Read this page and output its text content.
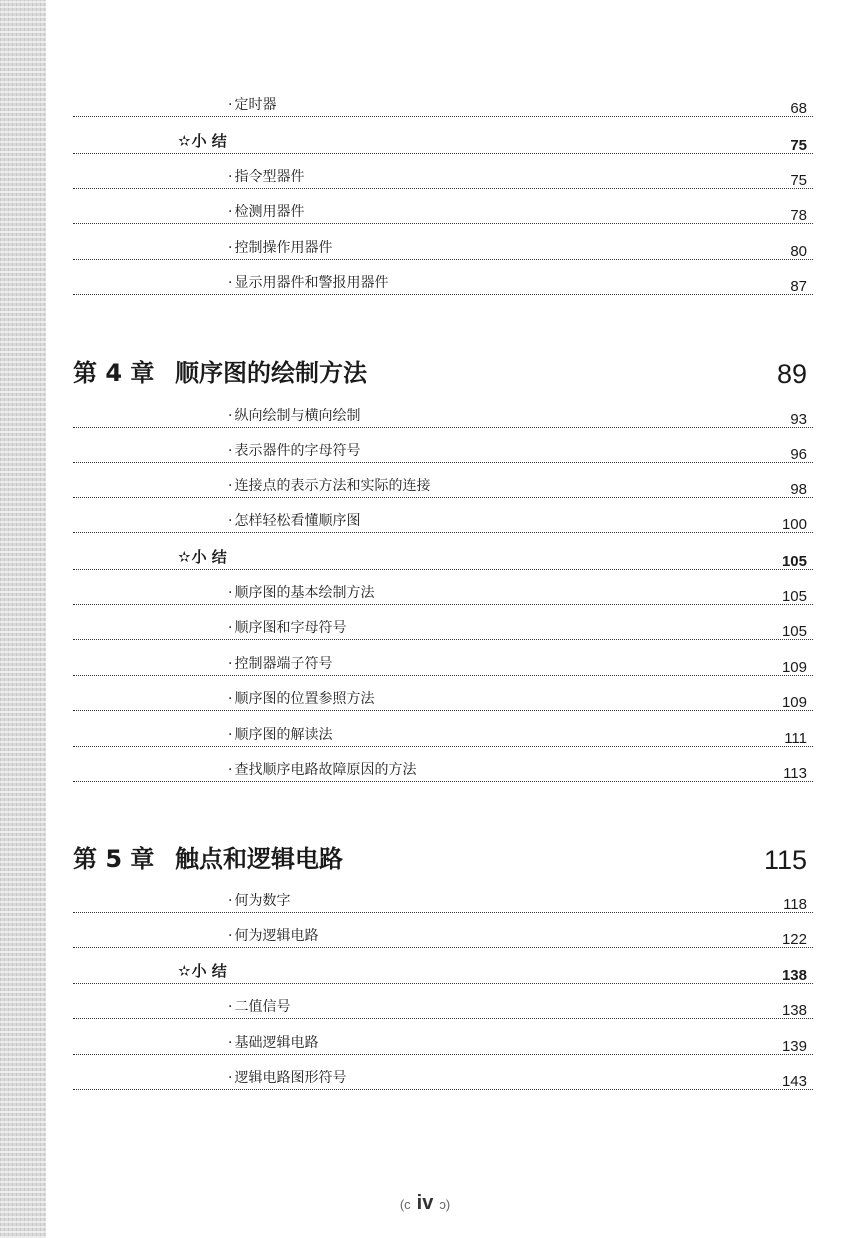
· 定时器	68
✫小 结	75
· 指令型器件	75
· 检测用器件	78
· 控制操作用器件	80
· 显示用器件和警报用器件	87
第 4 章 顺序图的绘制方法	89
· 纵向绘制与横向绘制	93
· 表示器件的字母符号	96
· 连接点的表示方法和实际的连接	98
· 怎样轻松看懂顺序图	100
✫小 结	105
· 顺序图的基本绘制方法	105
· 顺序图和字母符号	105
· 控制器端子符号	109
· 顺序图的位置参照方法	109
· 顺序图的解读法	111
· 查找顺序电路故障原因的方法	113
第 5 章 触点和逻辑电路	115
· 何为数字	118
· 何为逻辑电路	122
✫小 结	138
· 二值信号	138
· 基础逻辑电路	139
· 逻辑电路图形符号	143
(c iv ɔ)
